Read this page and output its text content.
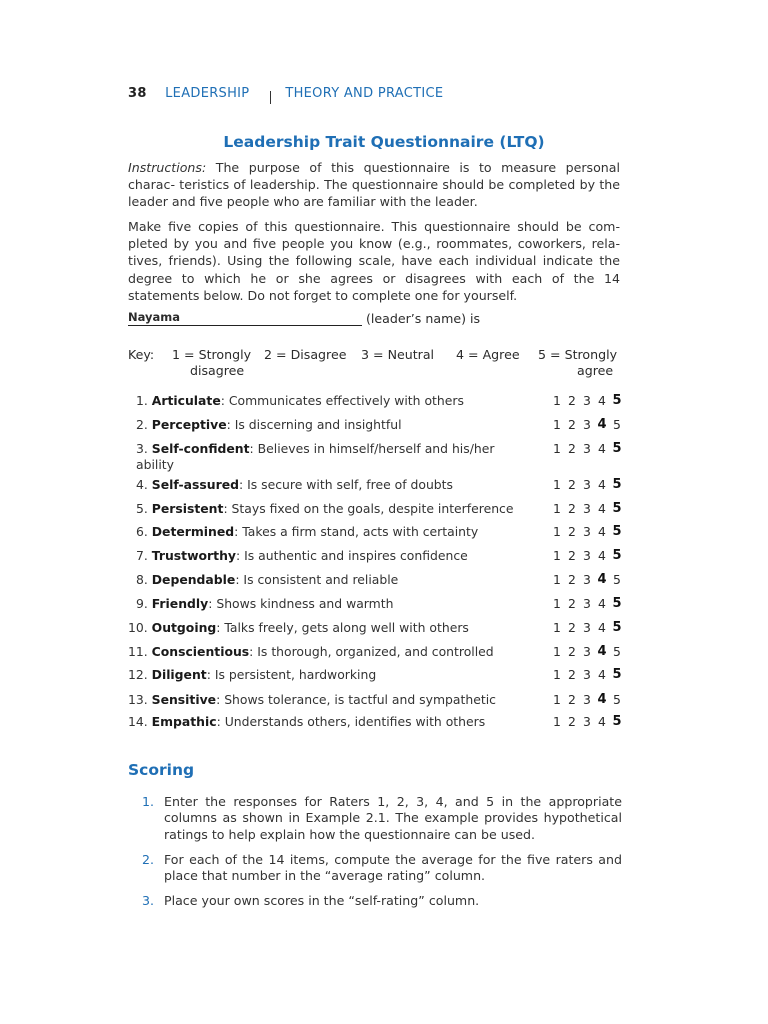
38 LEADERSHIP	THEORY AND PRACTICE
Leadership Trait Questionnaire (LTQ)
Instructions: The purpose of this questionnaire is to measure personal charac- teristics of leadership. The questionnaire should be completed by the leader and five people who are familiar with the leader.
Make five copies of this questionnaire. This questionnaire should be com- pleted by you and five people you know (e.g., roommates, coworkers, rela- tives, friends). Using the following scale, have each individual indicate the degree to which he or she agrees or disagrees with each of the 14 statements below. Do not forget to complete one for yourself.
Nayama	(leader’s name) is
Key: 1 = Strongly
disagree
2 = Disagree 3 = Neutral 4 = Agree 5 = Strongly
agree
1. Articulate: Communicates effectively with others	1 2 3 4 5
2. Perceptive: Is discerning and insightful	1 2 3 4 5
3. Self-confident: Believes in himself/herself and his/her ability
1 2 3 4 5
4. Self-assured: Is secure with self, free of doubts	1 2 3 4 5
5. Persistent: Stays fixed on the goals, despite interference	1 2 3 4 5
6. Determined: Takes a firm stand, acts with certainty	1 2 3 4 5
7. Trustworthy: Is authentic and inspires confidence	1 2 3 4 5
8. Dependable: Is consistent and reliable	1 2 3 4 5
9. Friendly: Shows kindness and warmth	1 2 3 4 5
10. Outgoing: Talks freely, gets along well with others	1 2 3 4 5
11. Conscientious: Is thorough, organized, and controlled	1 2 3 4 5
12. Diligent: Is persistent, hardworking	1 2 3 4 5
13. Sensitive: Shows tolerance, is tactful and sympathetic	1 2 3 4 5
14. Empathic: Understands others, identifies with others	1 2 3 4 5
Scoring
1. Enter the responses for Raters 1, 2, 3, 4, and 5 in the appropriate columns as shown in Example 2.1. The example provides hypothetical ratings to help explain how the questionnaire can be used.
2. For each of the 14 items, compute the average for the five raters and place that number in the “average rating” column.
3. Place your own scores in the “self-rating” column.
